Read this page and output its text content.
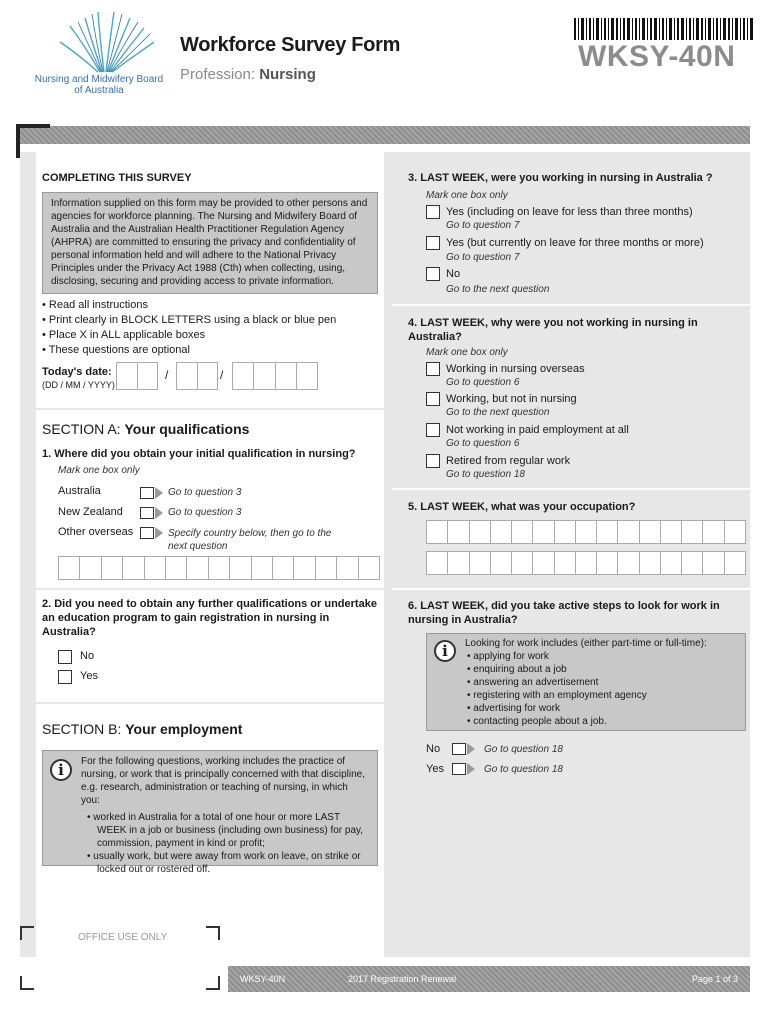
Nursing and Midwifery Board of Australia
Workforce Survey Form
Profession: Nursing
WKSY-40N
COMPLETING THIS SURVEY
Information supplied on this form may be provided to other persons and agencies for workforce planning. The Nursing and Midwifery Board of Australia and the Australian Health Practitioner Regulation Agency (AHPRA) are committed to ensuring the privacy and confidentiality of personal information held and will adhere to the National Privacy Principles under the Privacy Act 1988 (Cth) when collecting, using, disclosing, securing and providing access to private information.
• Read all instructions
• Print clearly in BLOCK LETTERS using a black or blue pen
• Place X in ALL applicable boxes
• These questions are optional
Today's date:
(DD / MM / YYYY)
/	/
SECTION A: Your qualifications
1. Where did you obtain your initial qualification in nursing?
Mark one box only
Australia	Go to question 3
New Zealand	Go to question 3
Other overseas	Specify country below, then go to the next question
2. Did you need to obtain any further qualifications or undertake an education program to gain registration in nursing in Australia?
No
Yes
SECTION B: Your employment
For the following questions, working includes the practice of nursing, or work that is principally concerned with that discipline, e.g. research, administration or teaching of nursing, in which you:
• worked in Australia for a total of one hour or more LAST WEEK in a job or business (including own business) for pay, commission, payment in kind or profit;
• usually work, but were away from work on leave, on strike or locked out or rostered off.
i
OFFICE USE ONLY
3. LAST WEEK, were you working in nursing in Australia ?
Mark one box only
Yes (including on leave for less than three months)
Go to question 7
Yes (but currently on leave for three months or more)
Go to question 7
No
Go to the next question
4. LAST WEEK, why were you not working in nursing in Australia?
Mark one box only
Working in nursing overseas
Go to question 6
Working, but not in nursing
Go to the next question
Not working in paid employment at all
Go to question 6
Retired from regular work
Go to question 18
5. LAST WEEK, what was your occupation?
6. LAST WEEK, did you take active steps to look for work in nursing in Australia?
Looking for work includes (either part-time or full-time):
• applying for work
• enquiring about a job
• answering an advertisement
• registering with an employment agency
• advertising for work
• contacting people about a job.
i
No	Go to question 18
Yes	Go to question 18
WKSY-40N	2017 Registration Renewal	Page 1 of 3
